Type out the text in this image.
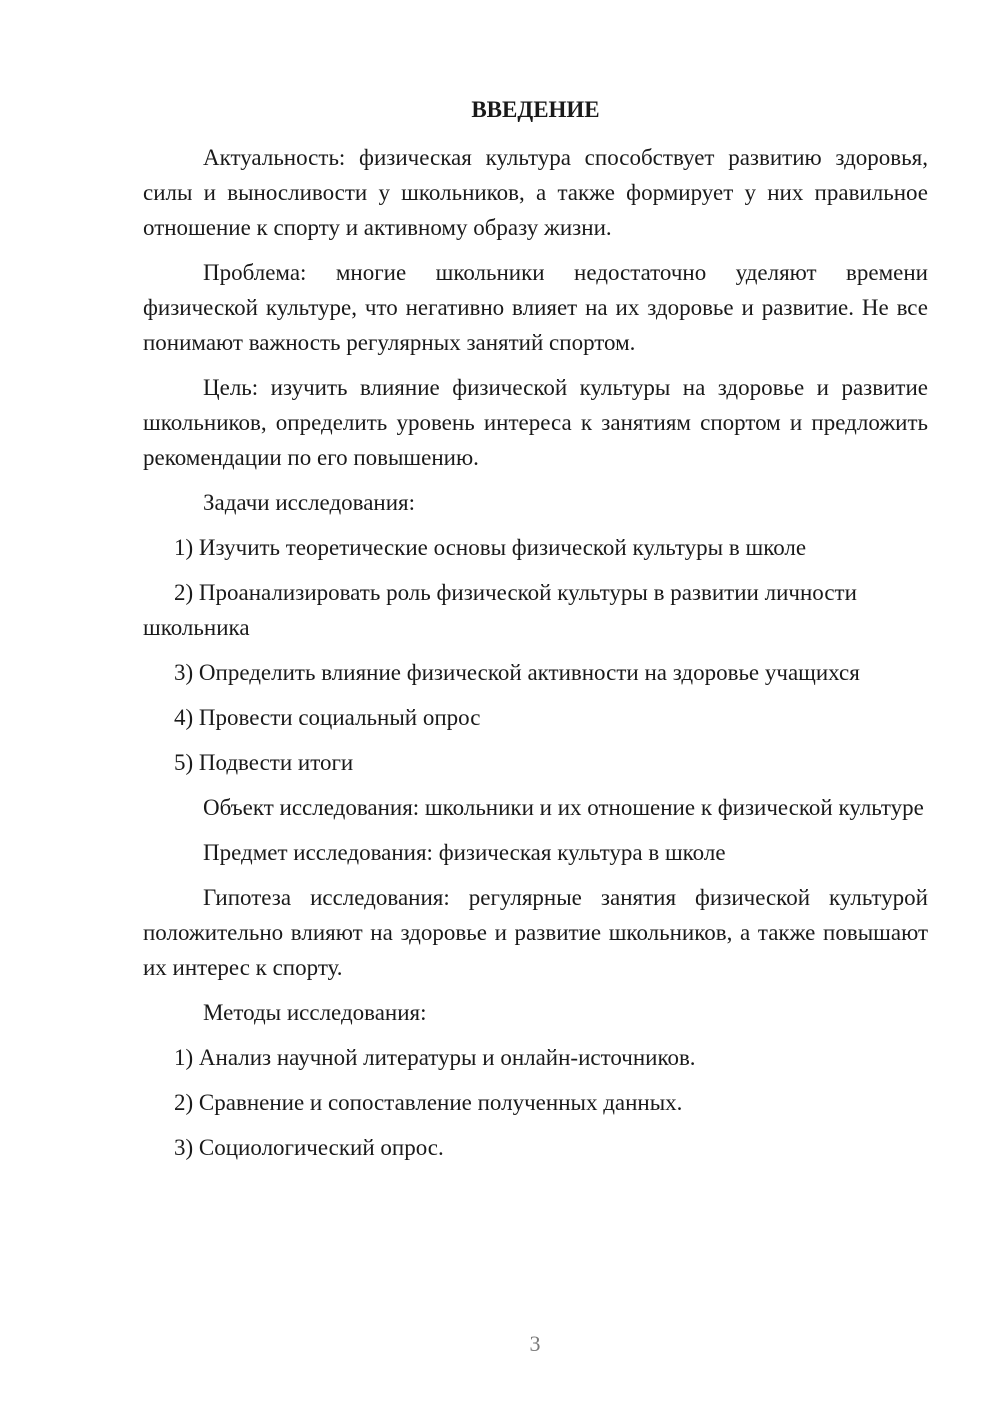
ВВЕДЕНИЕ

Актуальность: физическая культура способствует развитию здоровья, силы и выносливости у школьников, а также формирует у них правильное отношение к спорту и активному образу жизни.

Проблема: многие школьники недостаточно уделяют времени физической культуре, что негативно влияет на их здоровье и развитие. Не все понимают важность регулярных занятий спортом.

Цель: изучить влияние физической культуры на здоровье и развитие школьников, определить уровень интереса к занятиям спортом и предложить рекомендации по его повышению.

Задачи исследования:

1) Изучить теоретические основы физической культуры в школе

2) Проанализировать роль физической культуры в развитии личности школьника

3) Определить влияние физической активности на здоровье учащихся

4) Провести социальный опрос

5) Подвести итоги

Объект исследования: школьники и их отношение к физической культуре

Предмет исследования: физическая культура в школе

Гипотеза исследования: регулярные занятия физической культурой положительно влияют на здоровье и развитие школьников, а также повышают их интерес к спорту.

Методы исследования:

1) Анализ научной литературы и онлайн-источников.

2) Сравнение и сопоставление полученных данных.

3) Социологический опрос.

3
